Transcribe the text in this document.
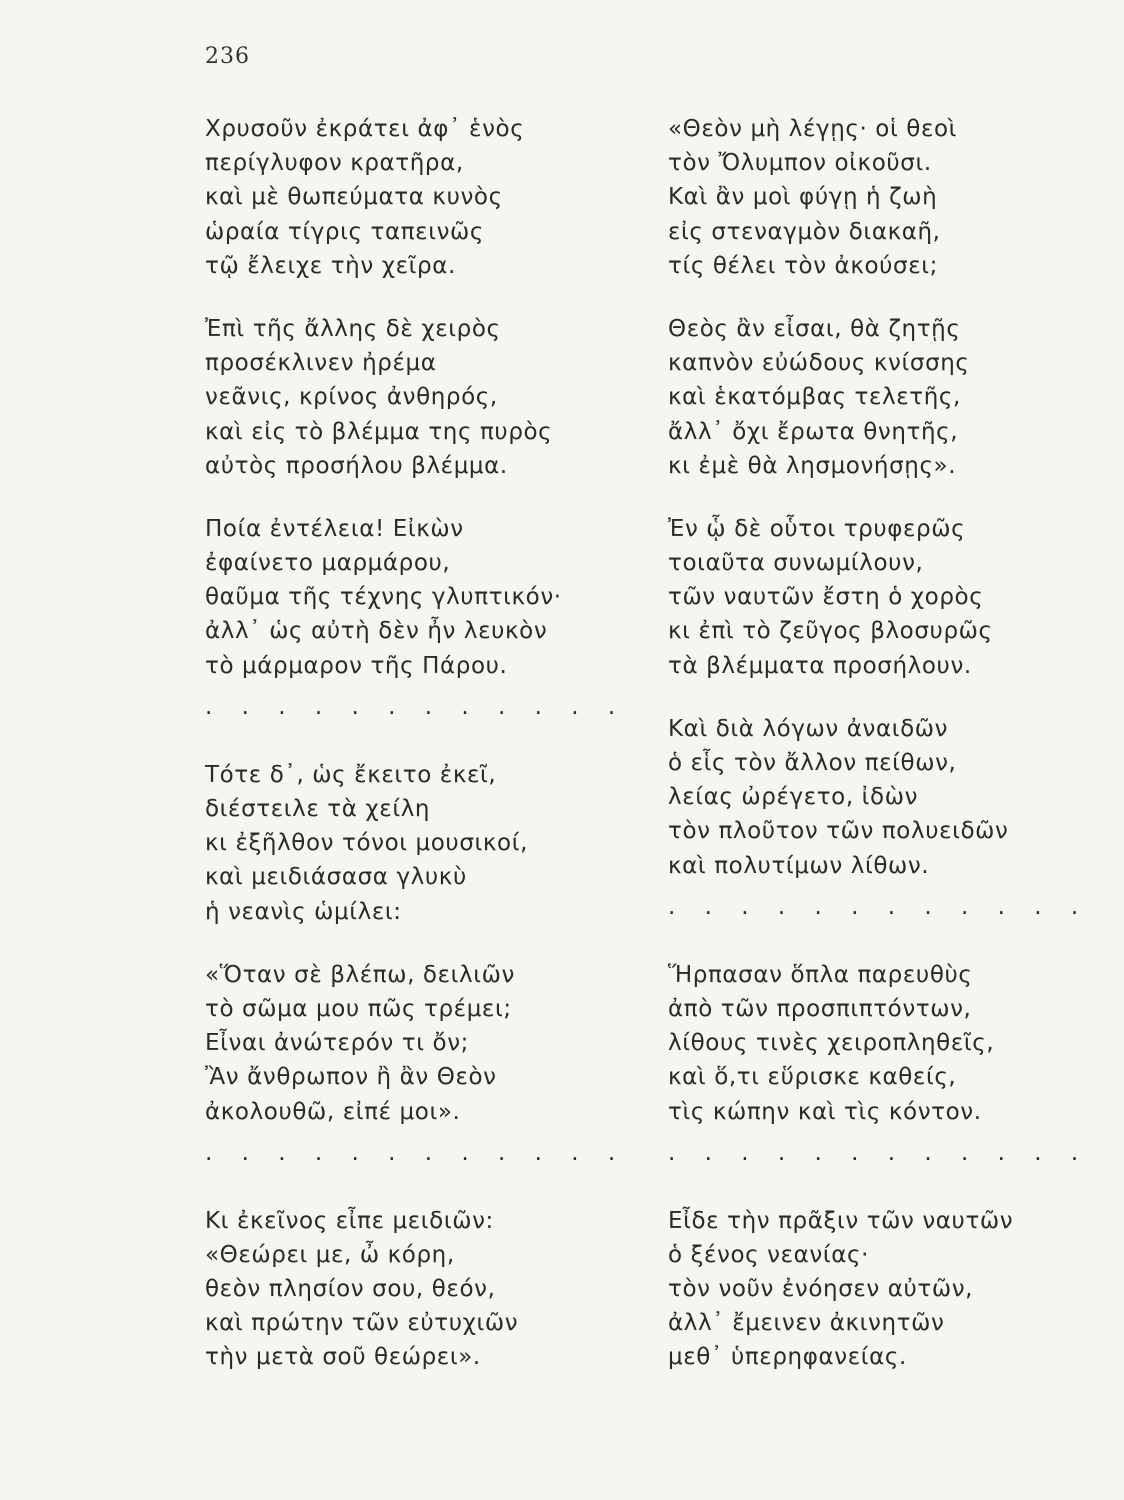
236
Χρυσοῦν ἐκράτει ἀφ᾽ ἑνὸς
περίγλυφον κρατῆρα,
καὶ μὲ θωπεύματα κυνὸς
ὡραία τίγρις ταπεινῶς
τῷ ἔλειχε τὴν χεῖρα.
Ἐπὶ τῆς ἄλλης δὲ χειρὸς
προσέκλινεν ἠρέμα
νεᾶνις, κρίνος ἀνθηρός,
καὶ εἰς τὸ βλέμμα της πυρὸς
αὐτὸς προσήλου βλέμμα.
Ποία ἐντέλεια! Εἰκὼν
ἐφαίνετο μαρμάρου,
θαῦμα τῆς τέχνης γλυπτικόν·
ἀλλ᾽ ὡς αὐτὴ δὲν ἦν λευκὸν
τὸ μάρμαρον τῆς Πάρου.
. . . . . . . . . . . .
Τότε δ᾽, ὡς ἔκειτο ἐκεῖ,
διέστειλε τὰ χείλη
κι ἐξῆλθον τόνοι μουσικοί,
καὶ μειδιάσασα γλυκὺ
ἡ νεανὶς ὡμίλει:
«Ὅταν σὲ βλέπω, δειλιῶν
τὸ σῶμα μου πῶς τρέμει;
Εἶναι ἀνώτερόν τι ὄν;
Ἂν ἄνθρωπον ἢ ἂν Θεὸν
ἀκολουθῶ, εἰπέ μοι».
. . . . . . . . . . . .
Κι ἐκεῖνος εἶπε μειδιῶν:
«Θεώρει με, ὦ κόρη,
θεὸν πλησίον σου, θεόν,
καὶ πρώτην τῶν εὐτυχιῶν
τὴν μετὰ σοῦ θεώρει».
«Θεὸν μὴ λέγῃς· οἱ θεοὶ
τὸν Ὄλυμπον οἰκοῦσι.
Καὶ ἂν μοὶ φύγῃ ἡ ζωὴ
εἰς στεναγμὸν διακαῆ,
τίς θέλει τὸν ἀκούσει;
Θεὸς ἂν εἶσαι, θὰ ζητῇς
καπνὸν εὐώδους κνίσσης
καὶ ἑκατόμβας τελετῆς,
ἄλλ᾽ ὄχι ἔρωτα θνητῆς,
κι ἐμὲ θὰ λησμονήσῃς».
Ἐν ᾧ δὲ οὗτοι τρυφερῶς
τοιαῦτα συνωμίλουν,
τῶν ναυτῶν ἔστη ὁ χορὸς
κι ἐπὶ τὸ ζεῦγος βλοσυρῶς
τὰ βλέμματα προσήλουν.
Καὶ διὰ λόγων ἀναιδῶν
ὁ εἷς τὸν ἄλλον πείθων,
λείας ὠρέγετο, ἰδὼν
τὸν πλοῦτον τῶν πολυειδῶν
καὶ πολυτίμων λίθων.
. . . . . . . . . . . .
Ἥρπασαν ὅπλα παρευθὺς
ἀπὸ τῶν προσπιπτόντων,
λίθους τινὲς χειροπληθεῖς,
καὶ ὅ,τι εὕρισκε καθείς,
τὶς κώπην καὶ τὶς κόντον.
. . . . . . . . . . . .
Εἶδε τὴν πρᾶξιν τῶν ναυτῶν
ὁ ξένος νεανίας·
τὸν νοῦν ἐνόησεν αὐτῶν,
ἀλλ᾽ ἔμεινεν ἀκινητῶν
μεθ᾽ ὑπερηφανείας.
